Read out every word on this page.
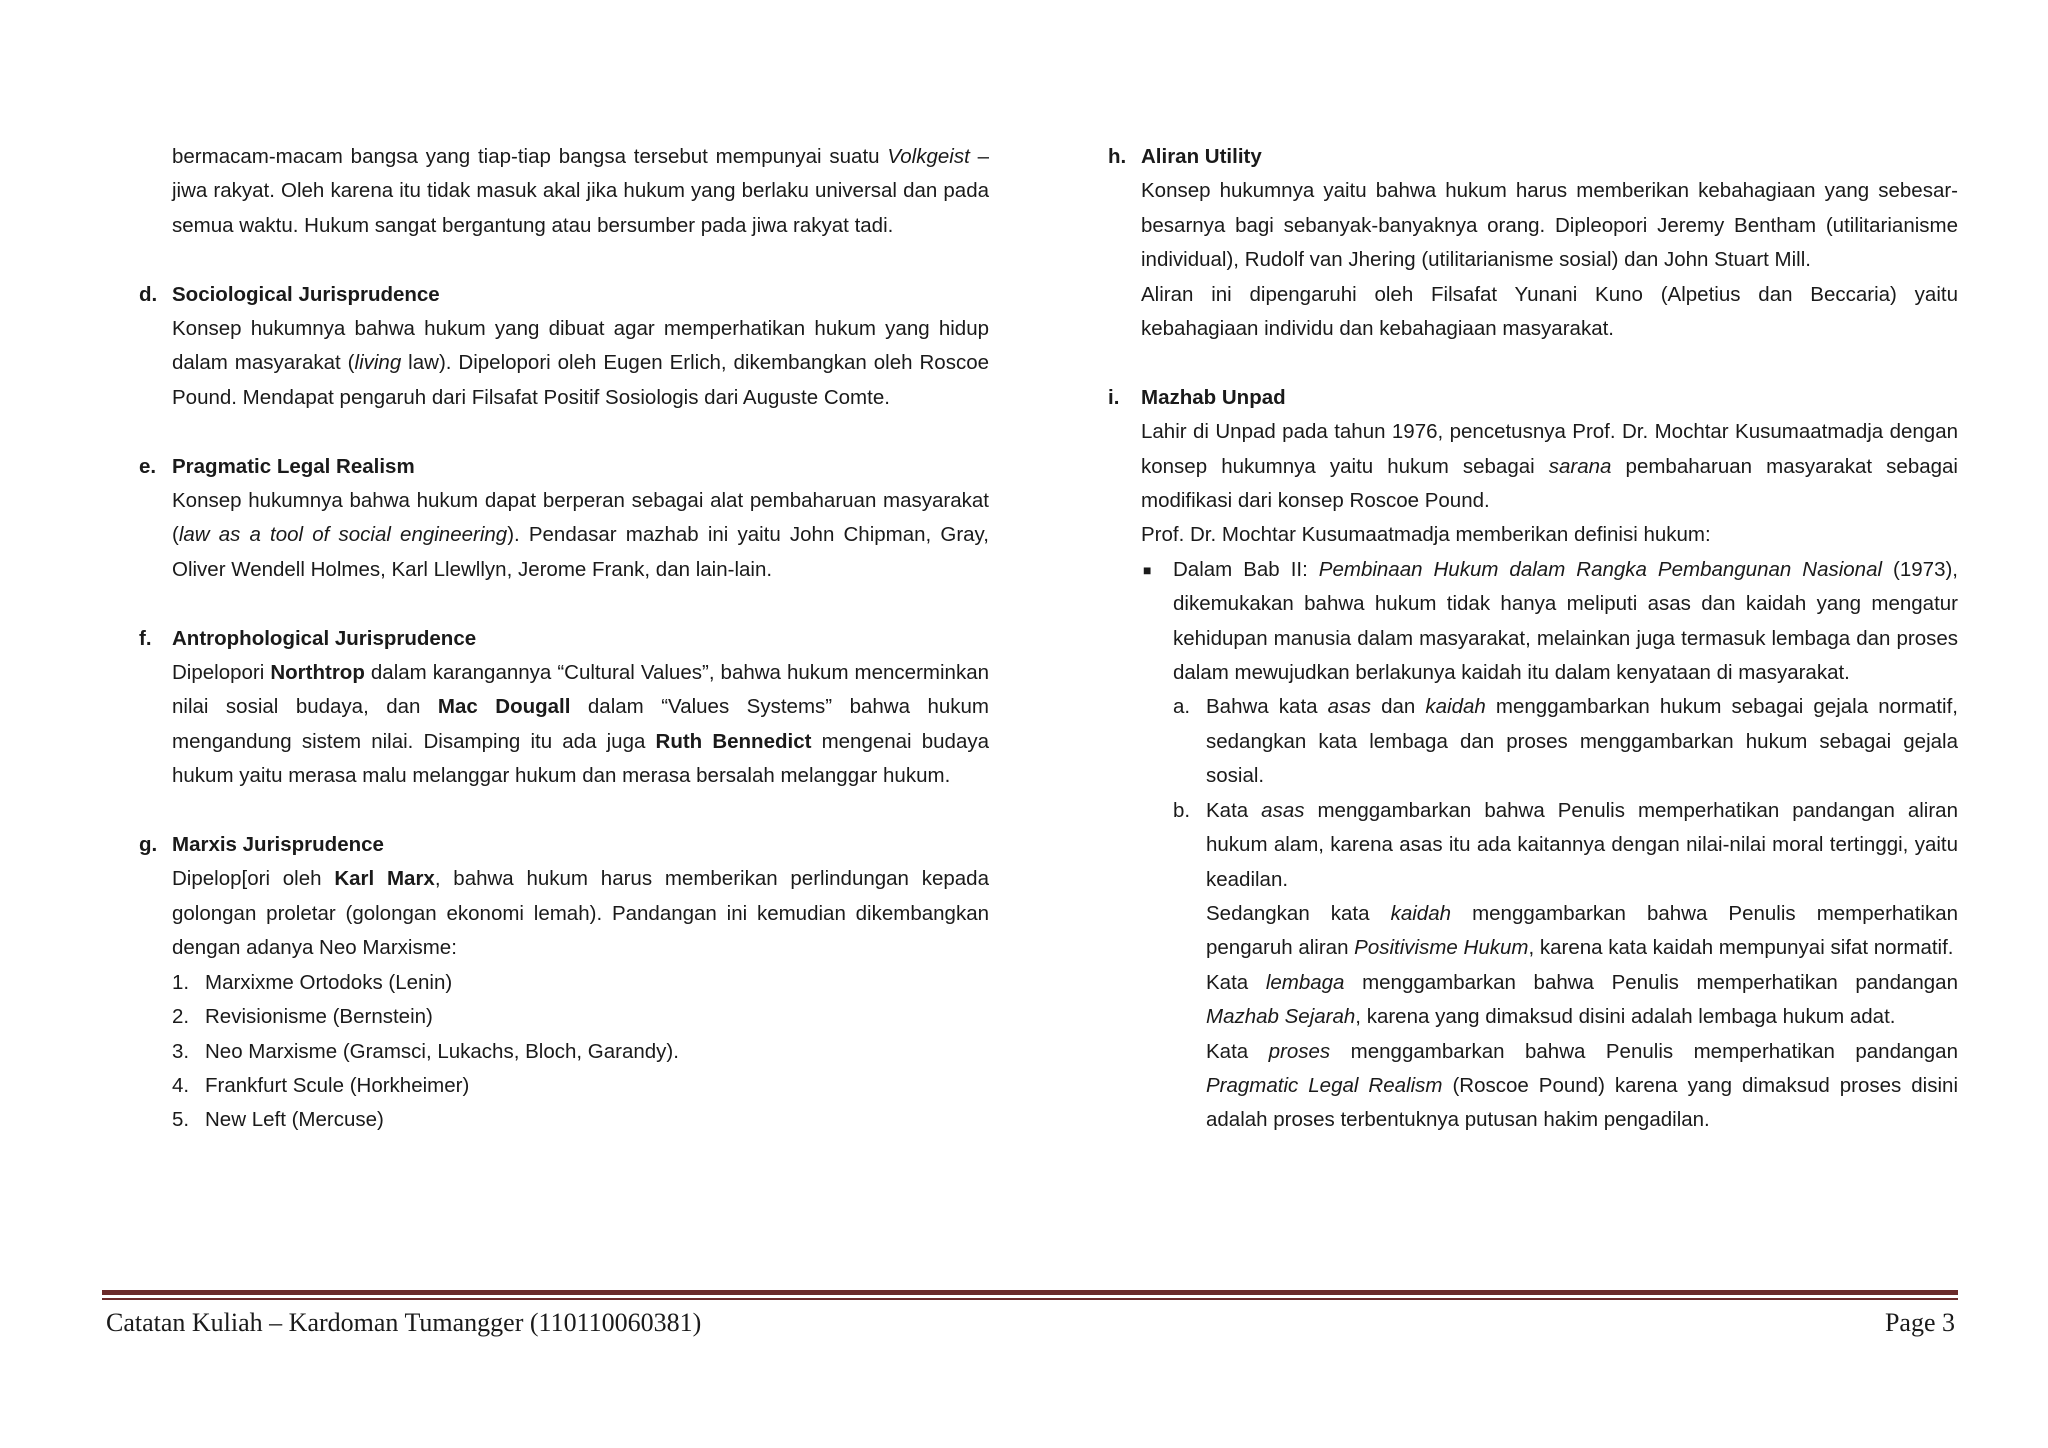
bermacam-macam bangsa yang tiap-tiap bangsa tersebut mempunyai suatu Volkgeist – jiwa rakyat. Oleh karena itu tidak masuk akal jika hukum yang berlaku universal dan pada semua waktu. Hukum sangat bergantung atau bersumber pada jiwa rakyat tadi.

d. Sociological Jurisprudence

Konsep hukumnya bahwa hukum yang dibuat agar memperhatikan hukum yang hidup dalam masyarakat (living law). Dipelopori oleh Eugen Erlich, dikembangkan oleh Roscoe Pound. Mendapat pengaruh dari Filsafat Positif Sosiologis dari Auguste Comte.

e. Pragmatic Legal Realism

Konsep hukumnya bahwa hukum dapat berperan sebagai alat pembaharuan masyarakat (law as a tool of social engineering). Pendasar mazhab ini yaitu John Chipman, Gray, Oliver Wendell Holmes, Karl Llewllyn, Jerome Frank, dan lain-lain.

f. Antrophological Jurisprudence

Dipelopori Northtrop dalam karangannya “Cultural Values”, bahwa hukum mencerminkan nilai sosial budaya, dan Mac Dougall dalam “Values Systems” bahwa hukum mengandung sistem nilai. Disamping itu ada juga Ruth Bennedict mengenai budaya hukum yaitu merasa malu melanggar hukum dan merasa bersalah melanggar hukum.

g. Marxis Jurisprudence

Dipelop[ori oleh Karl Marx, bahwa hukum harus memberikan perlindungan kepada golongan proletar (golongan ekonomi lemah). Pandangan ini kemudian dikembangkan dengan adanya Neo Marxisme:

1. Marxixme Ortodoks (Lenin)
2. Revisionisme (Bernstein)
3. Neo Marxisme (Gramsci, Lukachs, Bloch, Garandy).
4. Frankfurt Scule (Horkheimer)
5. New Left (Mercuse)

h. Aliran Utility

Konsep hukumnya yaitu bahwa hukum harus memberikan kebahagiaan yang sebesar-besarnya bagi sebanyak-banyaknya orang. Dipleopori Jeremy Bentham (utilitarianisme individual), Rudolf van Jhering (utilitarianisme sosial) dan John Stuart Mill.

Aliran ini dipengaruhi oleh Filsafat Yunani Kuno (Alpetius dan Beccaria) yaitu kebahagiaan individu dan kebahagiaan masyarakat.

i. Mazhab Unpad

Lahir di Unpad pada tahun 1976, pencetusnya Prof. Dr. Mochtar Kusumaatmadja dengan konsep hukumnya yaitu hukum sebagai sarana pembaharuan masyarakat sebagai modifikasi dari konsep Roscoe Pound.

Prof. Dr. Mochtar Kusumaatmadja memberikan definisi hukum:

■ Dalam Bab II: Pembinaan Hukum dalam Rangka Pembangunan Nasional (1973), dikemukakan bahwa hukum tidak hanya meliputi asas dan kaidah yang mengatur kehidupan manusia dalam masyarakat, melainkan juga termasuk lembaga dan proses dalam mewujudkan berlakunya kaidah itu dalam kenyataan di masyarakat.

a. Bahwa kata asas dan kaidah menggambarkan hukum sebagai gejala normatif, sedangkan kata lembaga dan proses menggambarkan hukum sebagai gejala sosial.

b. Kata asas menggambarkan bahwa Penulis memperhatikan pandangan aliran hukum alam, karena asas itu ada kaitannya dengan nilai-nilai moral tertinggi, yaitu keadilan.

Sedangkan kata kaidah menggambarkan bahwa Penulis memperhatikan pengaruh aliran Positivisme Hukum, karena kata kaidah mempunyai sifat normatif.

Kata lembaga menggambarkan bahwa Penulis memperhatikan pandangan Mazhab Sejarah, karena yang dimaksud disini adalah lembaga hukum adat.

Kata proses menggambarkan bahwa Penulis memperhatikan pandangan Pragmatic Legal Realism (Roscoe Pound) karena yang dimaksud proses disini adalah proses terbentuknya putusan hakim pengadilan.

Catatan Kuliah – Kardoman Tumangger (110110060381)	Page 3
